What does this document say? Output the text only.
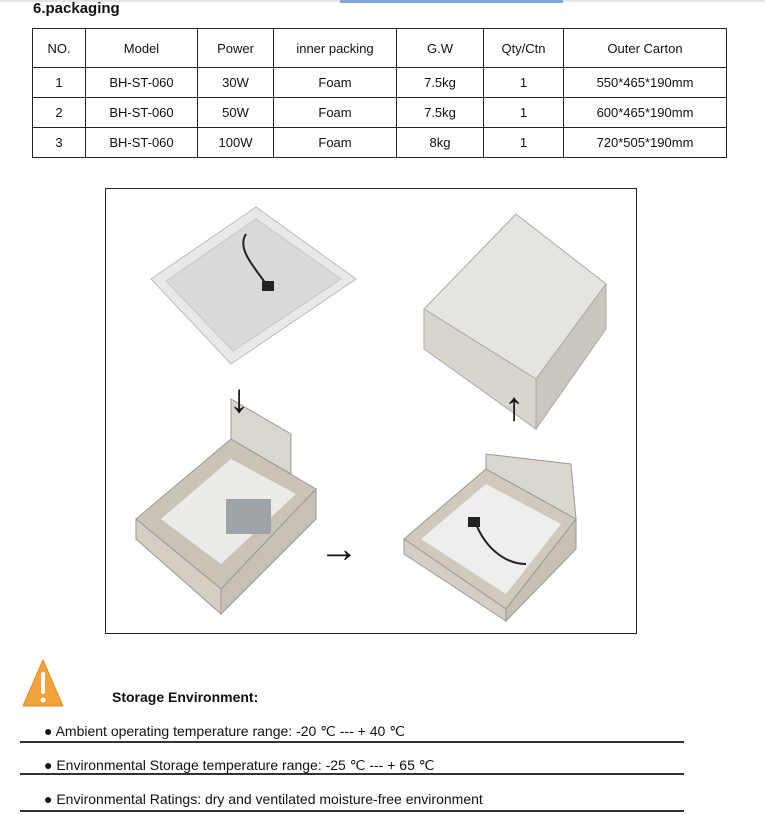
6.packaging
NO.	Model	Power	inner packing	G.W	Qty/Ctn	Outer Carton
1	BH-ST-060	30W	Foam	7.5kg	1	550*465*190mm
2	BH-ST-060	50W	Foam	7.5kg	1	600*465*190mm
3	BH-ST-060	100W	Foam	8kg	1	720*505*190mm
↓
→
↑
Storage Environment:
● Ambient operating temperature range: -20 ℃ --- + 40 ℃
● Environmental Storage temperature range: -25 ℃ --- + 65 ℃
● Environmental Ratings: dry and ventilated moisture-free environment
